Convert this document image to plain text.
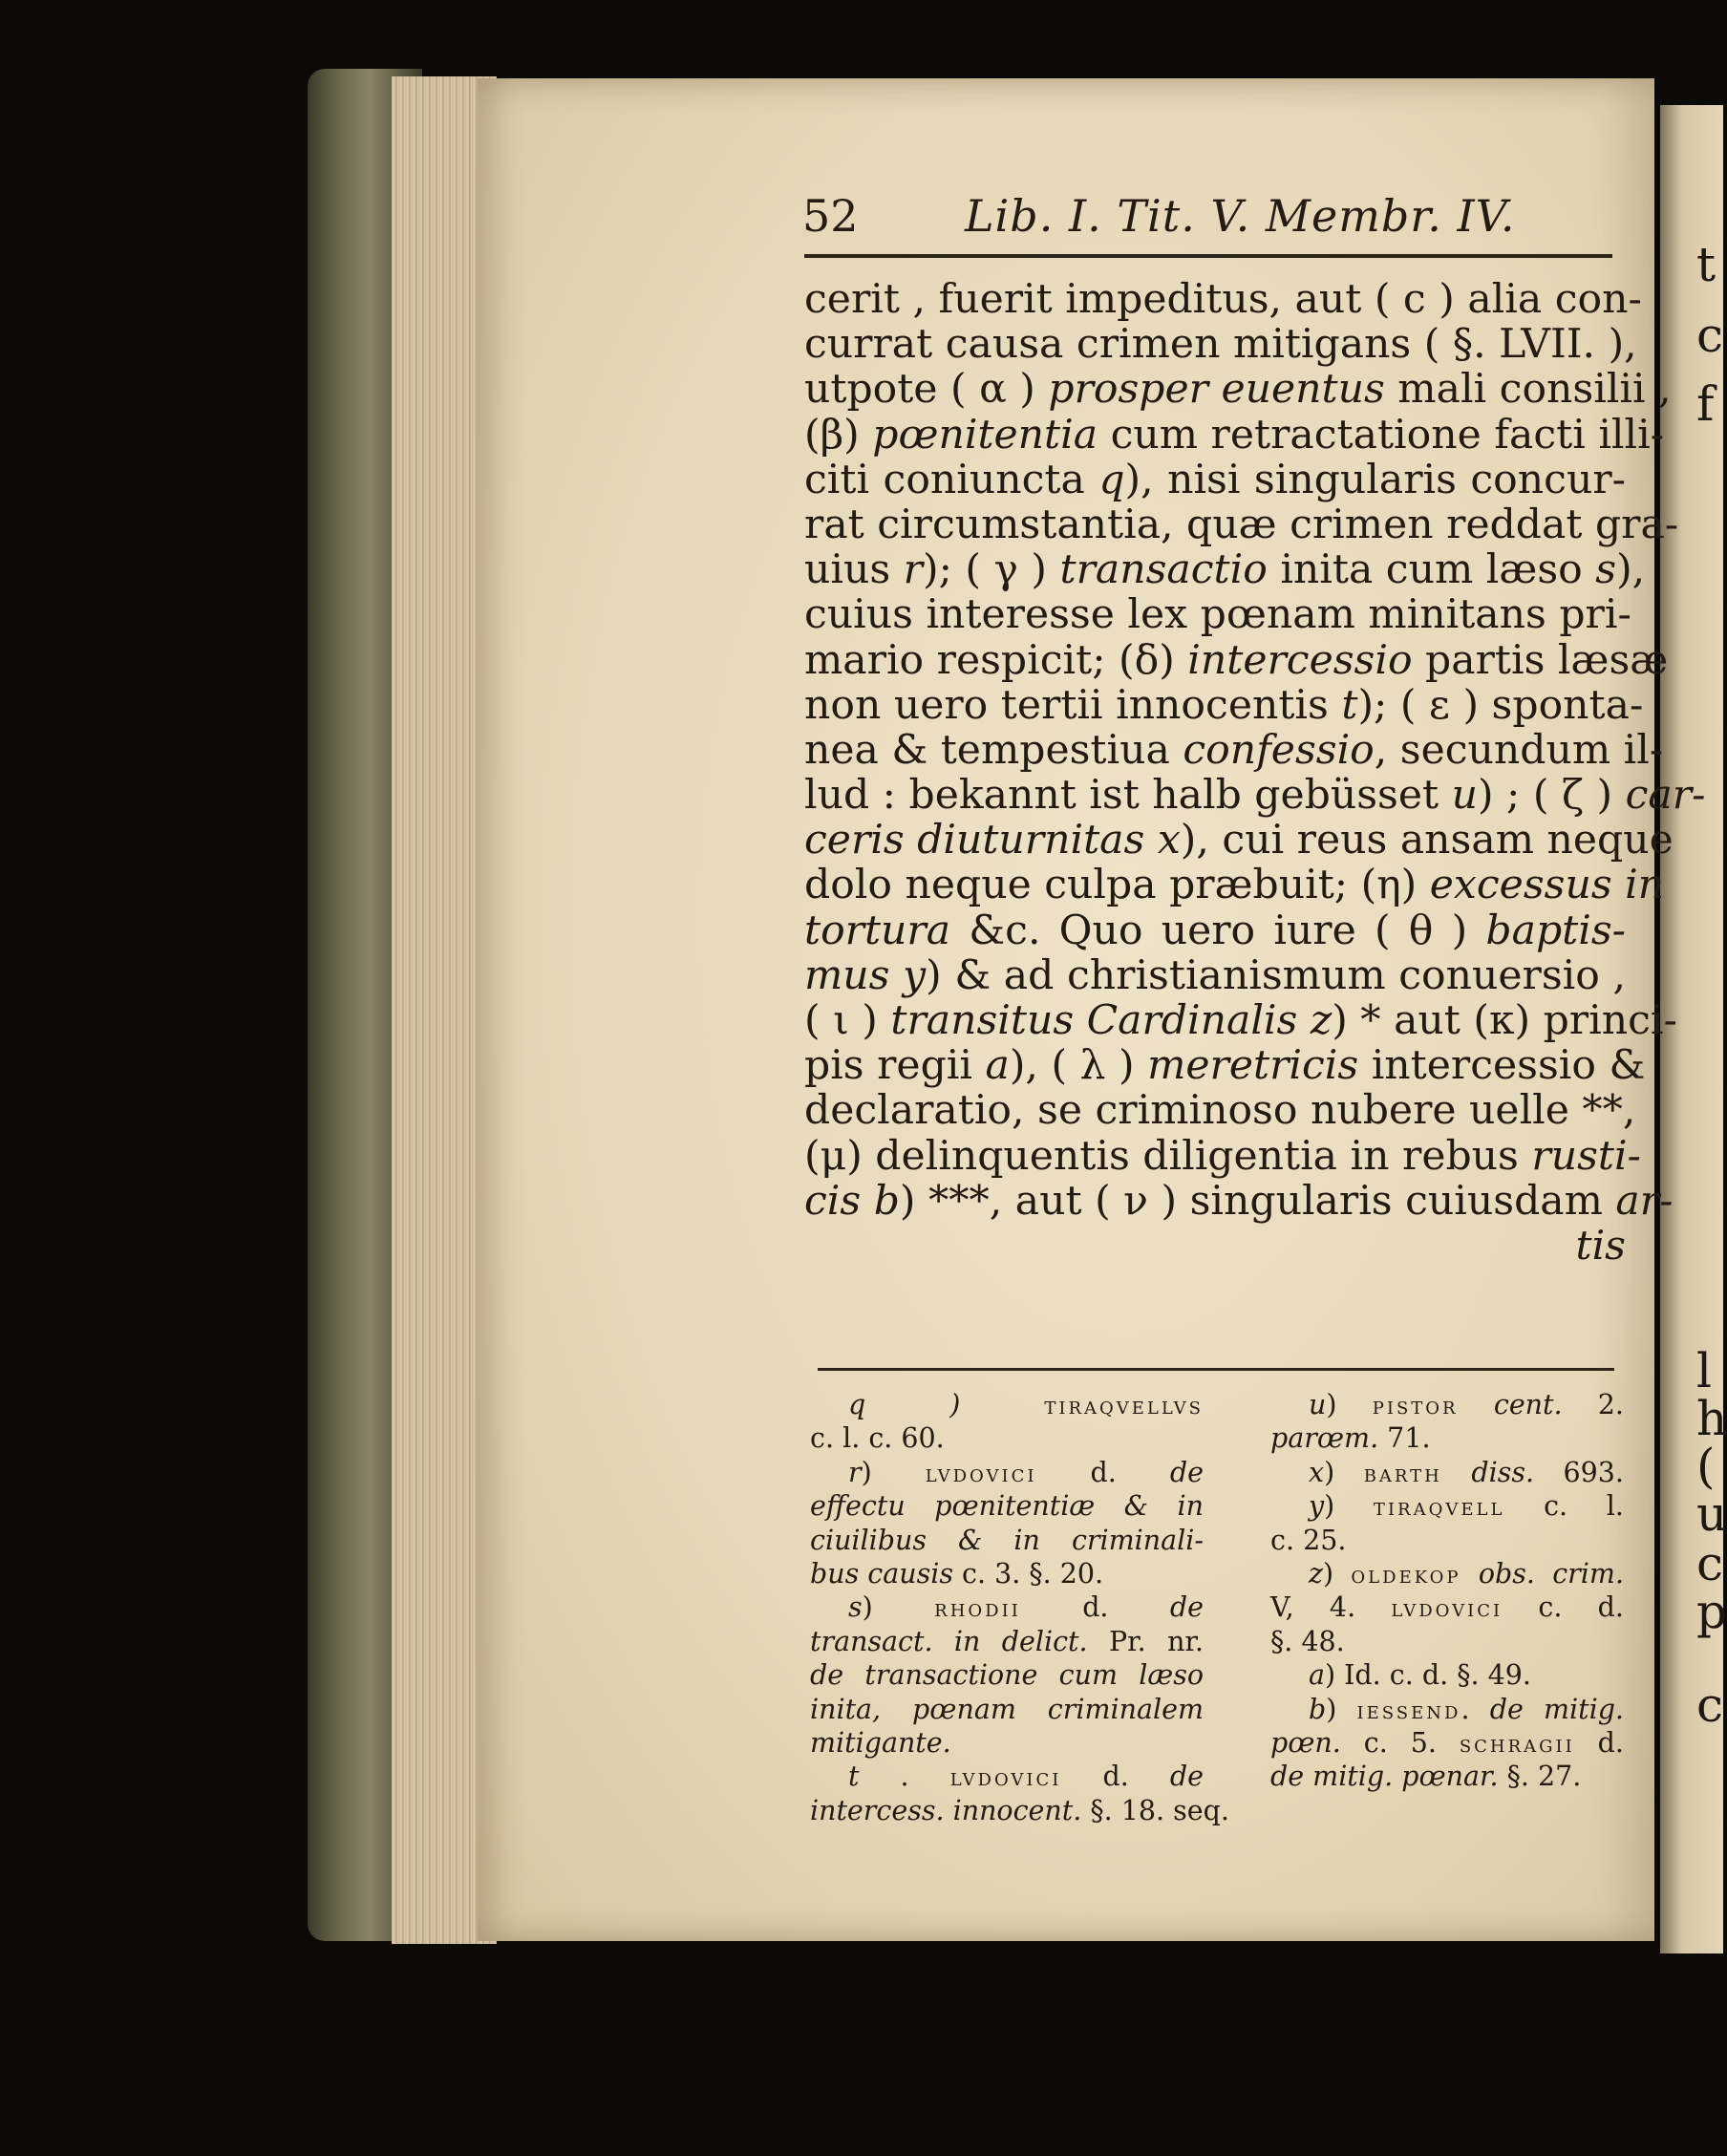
t
c
f
l
h
(
u
c
p
c
52 Lib. I. Tit. V. Membr. IV.
cerit , fuerit impeditus, aut ( c ) alia con-
currat causa crimen mitigans ( §. LVII. ),
utpote ( α ) prosper euentus mali consilii ,
(β) pœnitentia cum retractatione facti illi-
citi coniuncta q), nisi singularis concur-
rat circumstantia, quæ crimen reddat gra-
uius r); ( γ ) transactio inita cum læso s),
cuius interesse lex pœnam minitans pri-
mario respicit; (δ) intercessio partis læsæ
non uero tertii innocentis t); ( ε ) sponta-
nea & tempestiua confessio, secundum il-
lud : bekannt ist halb gebüsset u) ; ( ζ ) car-
ceris diuturnitas x), cui reus ansam neque
dolo neque culpa præbuit; (η) excessus in
tortura &c. Quo uero iure ( θ ) baptis-
mus y) & ad christianismum conuersio ,
( ι ) transitus Cardinalis z) * aut (κ) princi-
pis regii a), ( λ ) meretricis intercessio &
declaratio, se criminoso nubere uelle **,
(μ) delinquentis diligentia in rebus rusti-
cis b) ***, aut ( ν ) singularis cuiusdam ar-
tis
q ) tiraqvellvs
c. l. c. 60.
r) lvdovici d. de
effectu pœnitentiæ & in
ciuilibus & in criminali-
bus causis c. 3. §. 20.
s) rhodii d. de
transact. in delict. Pr. nr.
de transactione cum læso
inita, pœnam criminalem
mitigante.
t . lvdovici d. de
intercess. innocent. §. 18. seq.
u) pistor cent. 2.
parœm. 71.
x) barth diss. 693.
y) tiraqvell c. l.
c. 25.
z) oldekop obs. crim.
V, 4. lvdovici c. d.
§. 48.
a) Id. c. d. §. 49.
b) iessend. de mitig.
pœn. c. 5. schragii d.
de mitig. pœnar. §. 27.
